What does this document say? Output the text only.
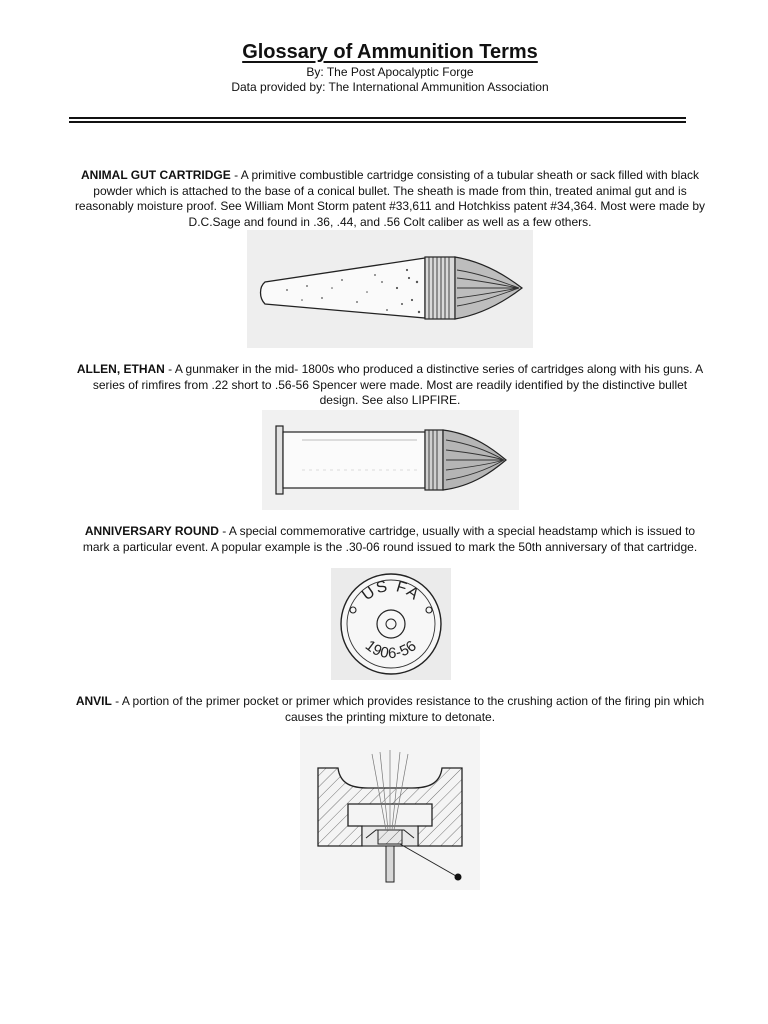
Glossary of Ammunition Terms
By: The Post Apocalyptic Forge
Data provided by: The International Ammunition Association
ANIMAL GUT CARTRIDGE - A primitive combustible cartridge consisting of a tubular sheath or sack filled with black powder which is attached to the base of a conical bullet. The sheath is made from thin, treated animal gut and is reasonably moisture proof. See William Mont Storm patent #33,611 and Hotchkiss patent #34,364. Most were made by D.C.Sage and found in .36, .44, and .56 Colt caliber as well as a few others.
ALLEN, ETHAN - A gunmaker in the mid- 1800s who produced a distinctive series of cartridges along with his guns. A series of rimfires from .22 short to .56-56 Spencer were made. Most are readily identified by the distinctive bullet design. See also LIPFIRE.
ANNIVERSARY ROUND - A special commemorative cartridge, usually with a special headstamp which is issued to mark a particular event. A popular example is the .30-06 round issued to mark the 50th anniversary of that cartridge.
US FA
1906-56
ANVIL - A portion of the primer pocket or primer which provides resistance to the crushing action of the firing pin which causes the printing mixture to detonate.
